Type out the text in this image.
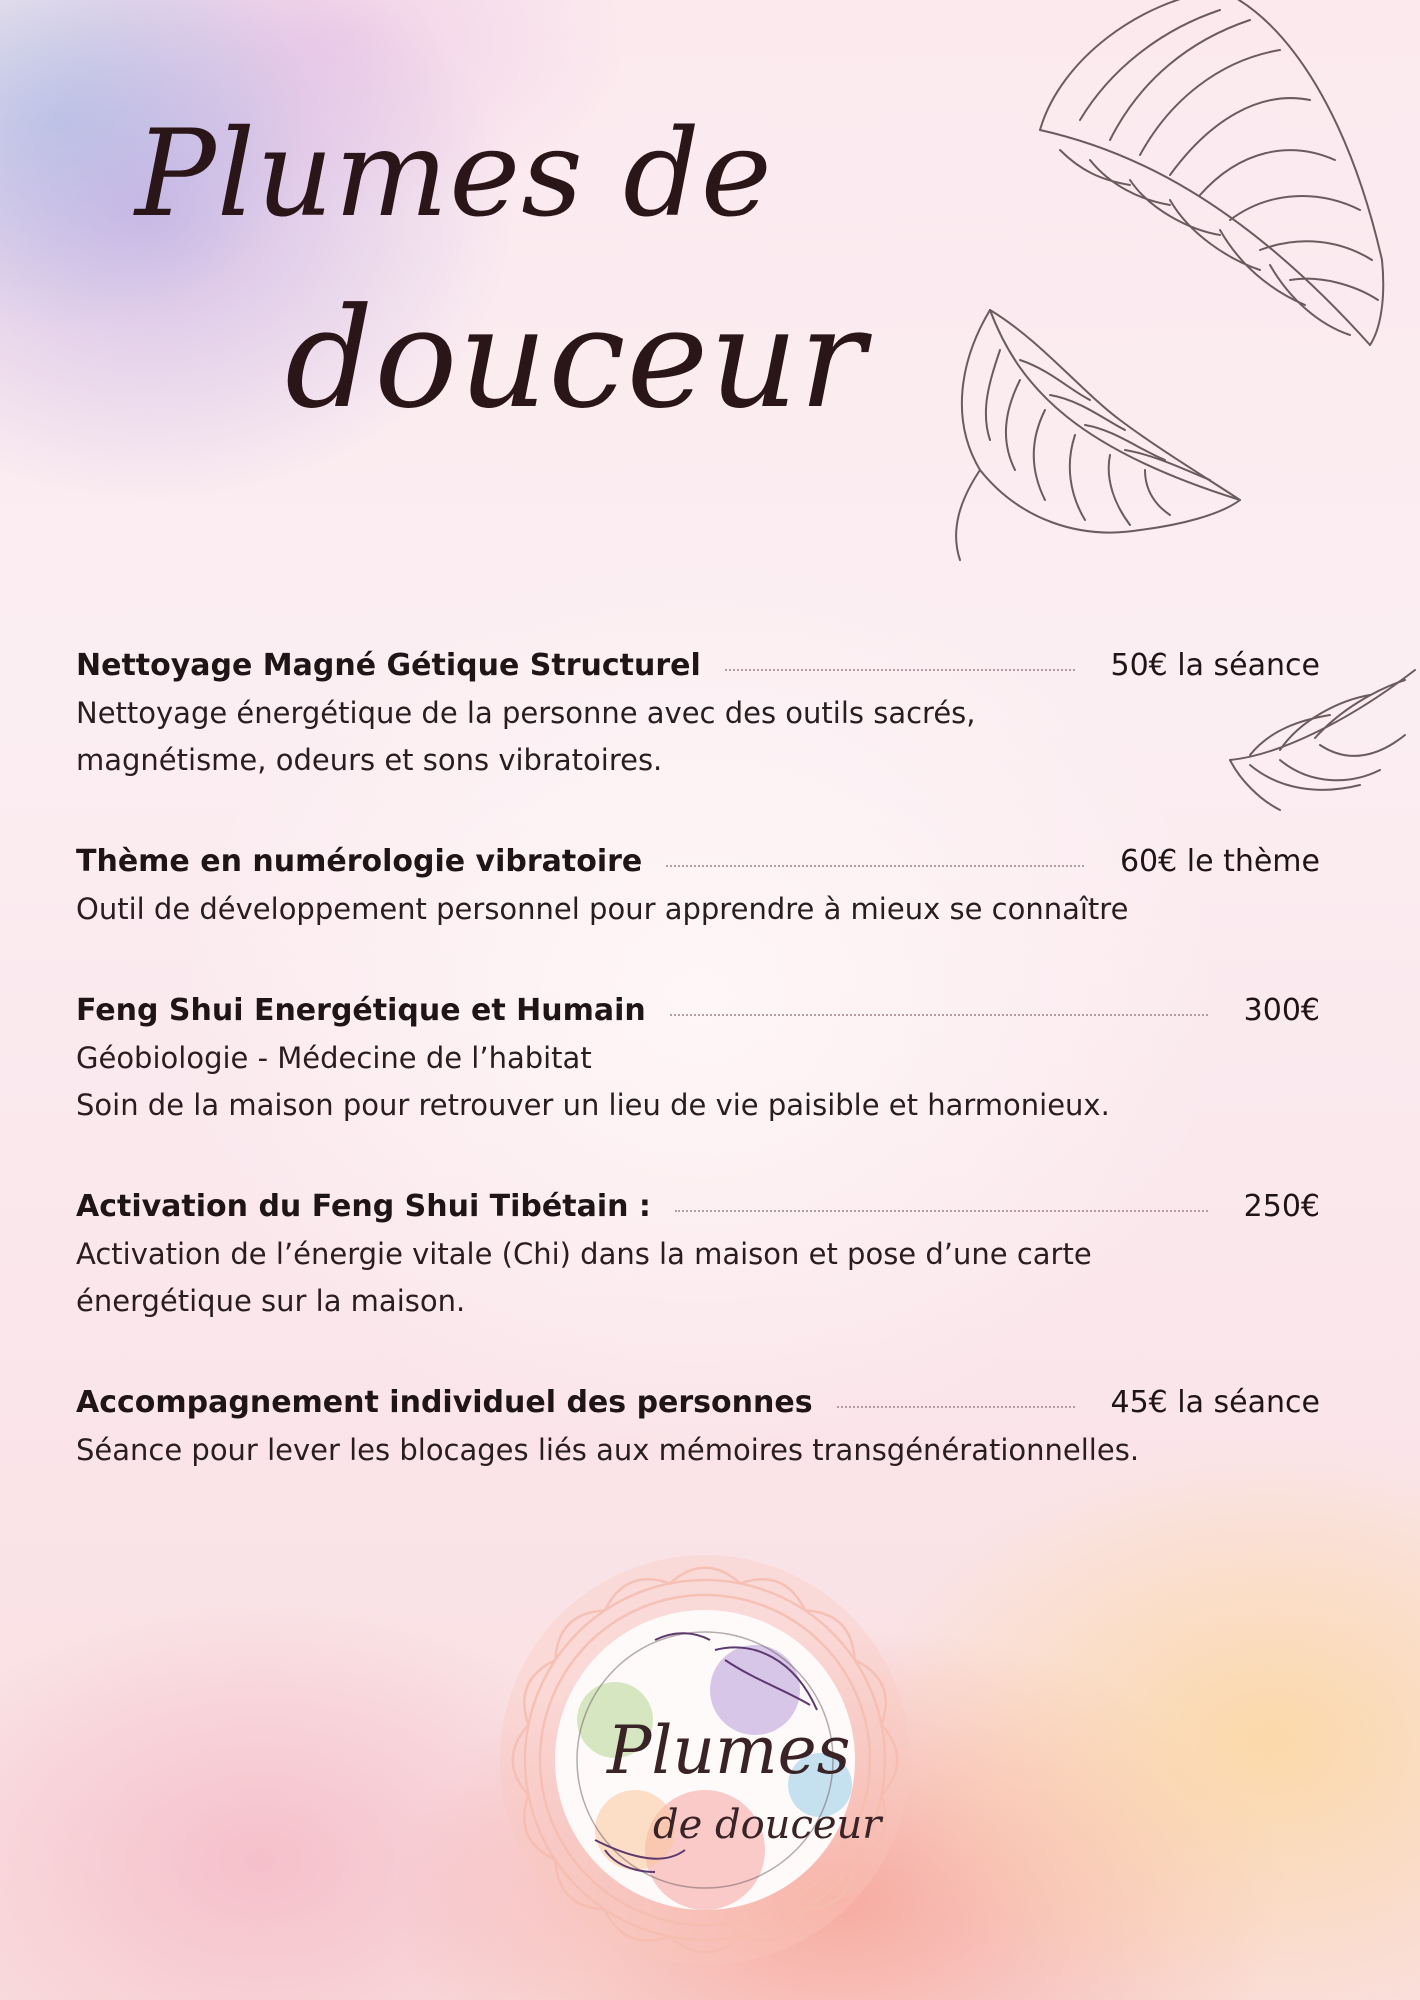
Plumes de
douceur
Nettoyage Magné Gétique Structurel	50€ la séance

Nettoyage énergétique de la personne avec des outils sacrés,

magnétisme, odeurs et sons vibratoires.

Thème en numérologie vibratoire	60€ le thème

Outil de développement personnel pour apprendre à mieux se connaître

Feng Shui Energétique et Humain	300€

Géobiologie - Médecine de l’habitat

Soin de la maison pour retrouver un lieu de vie paisible et harmonieux.

Activation du Feng Shui Tibétain :	250€

Activation de l’énergie vitale (Chi) dans la maison et pose d’une carte

énergétique sur la maison.

Accompagnement individuel des personnes	45€ la séance

Séance pour lever les blocages liés aux mémoires transgénérationnelles.

Plumes

de douceur
